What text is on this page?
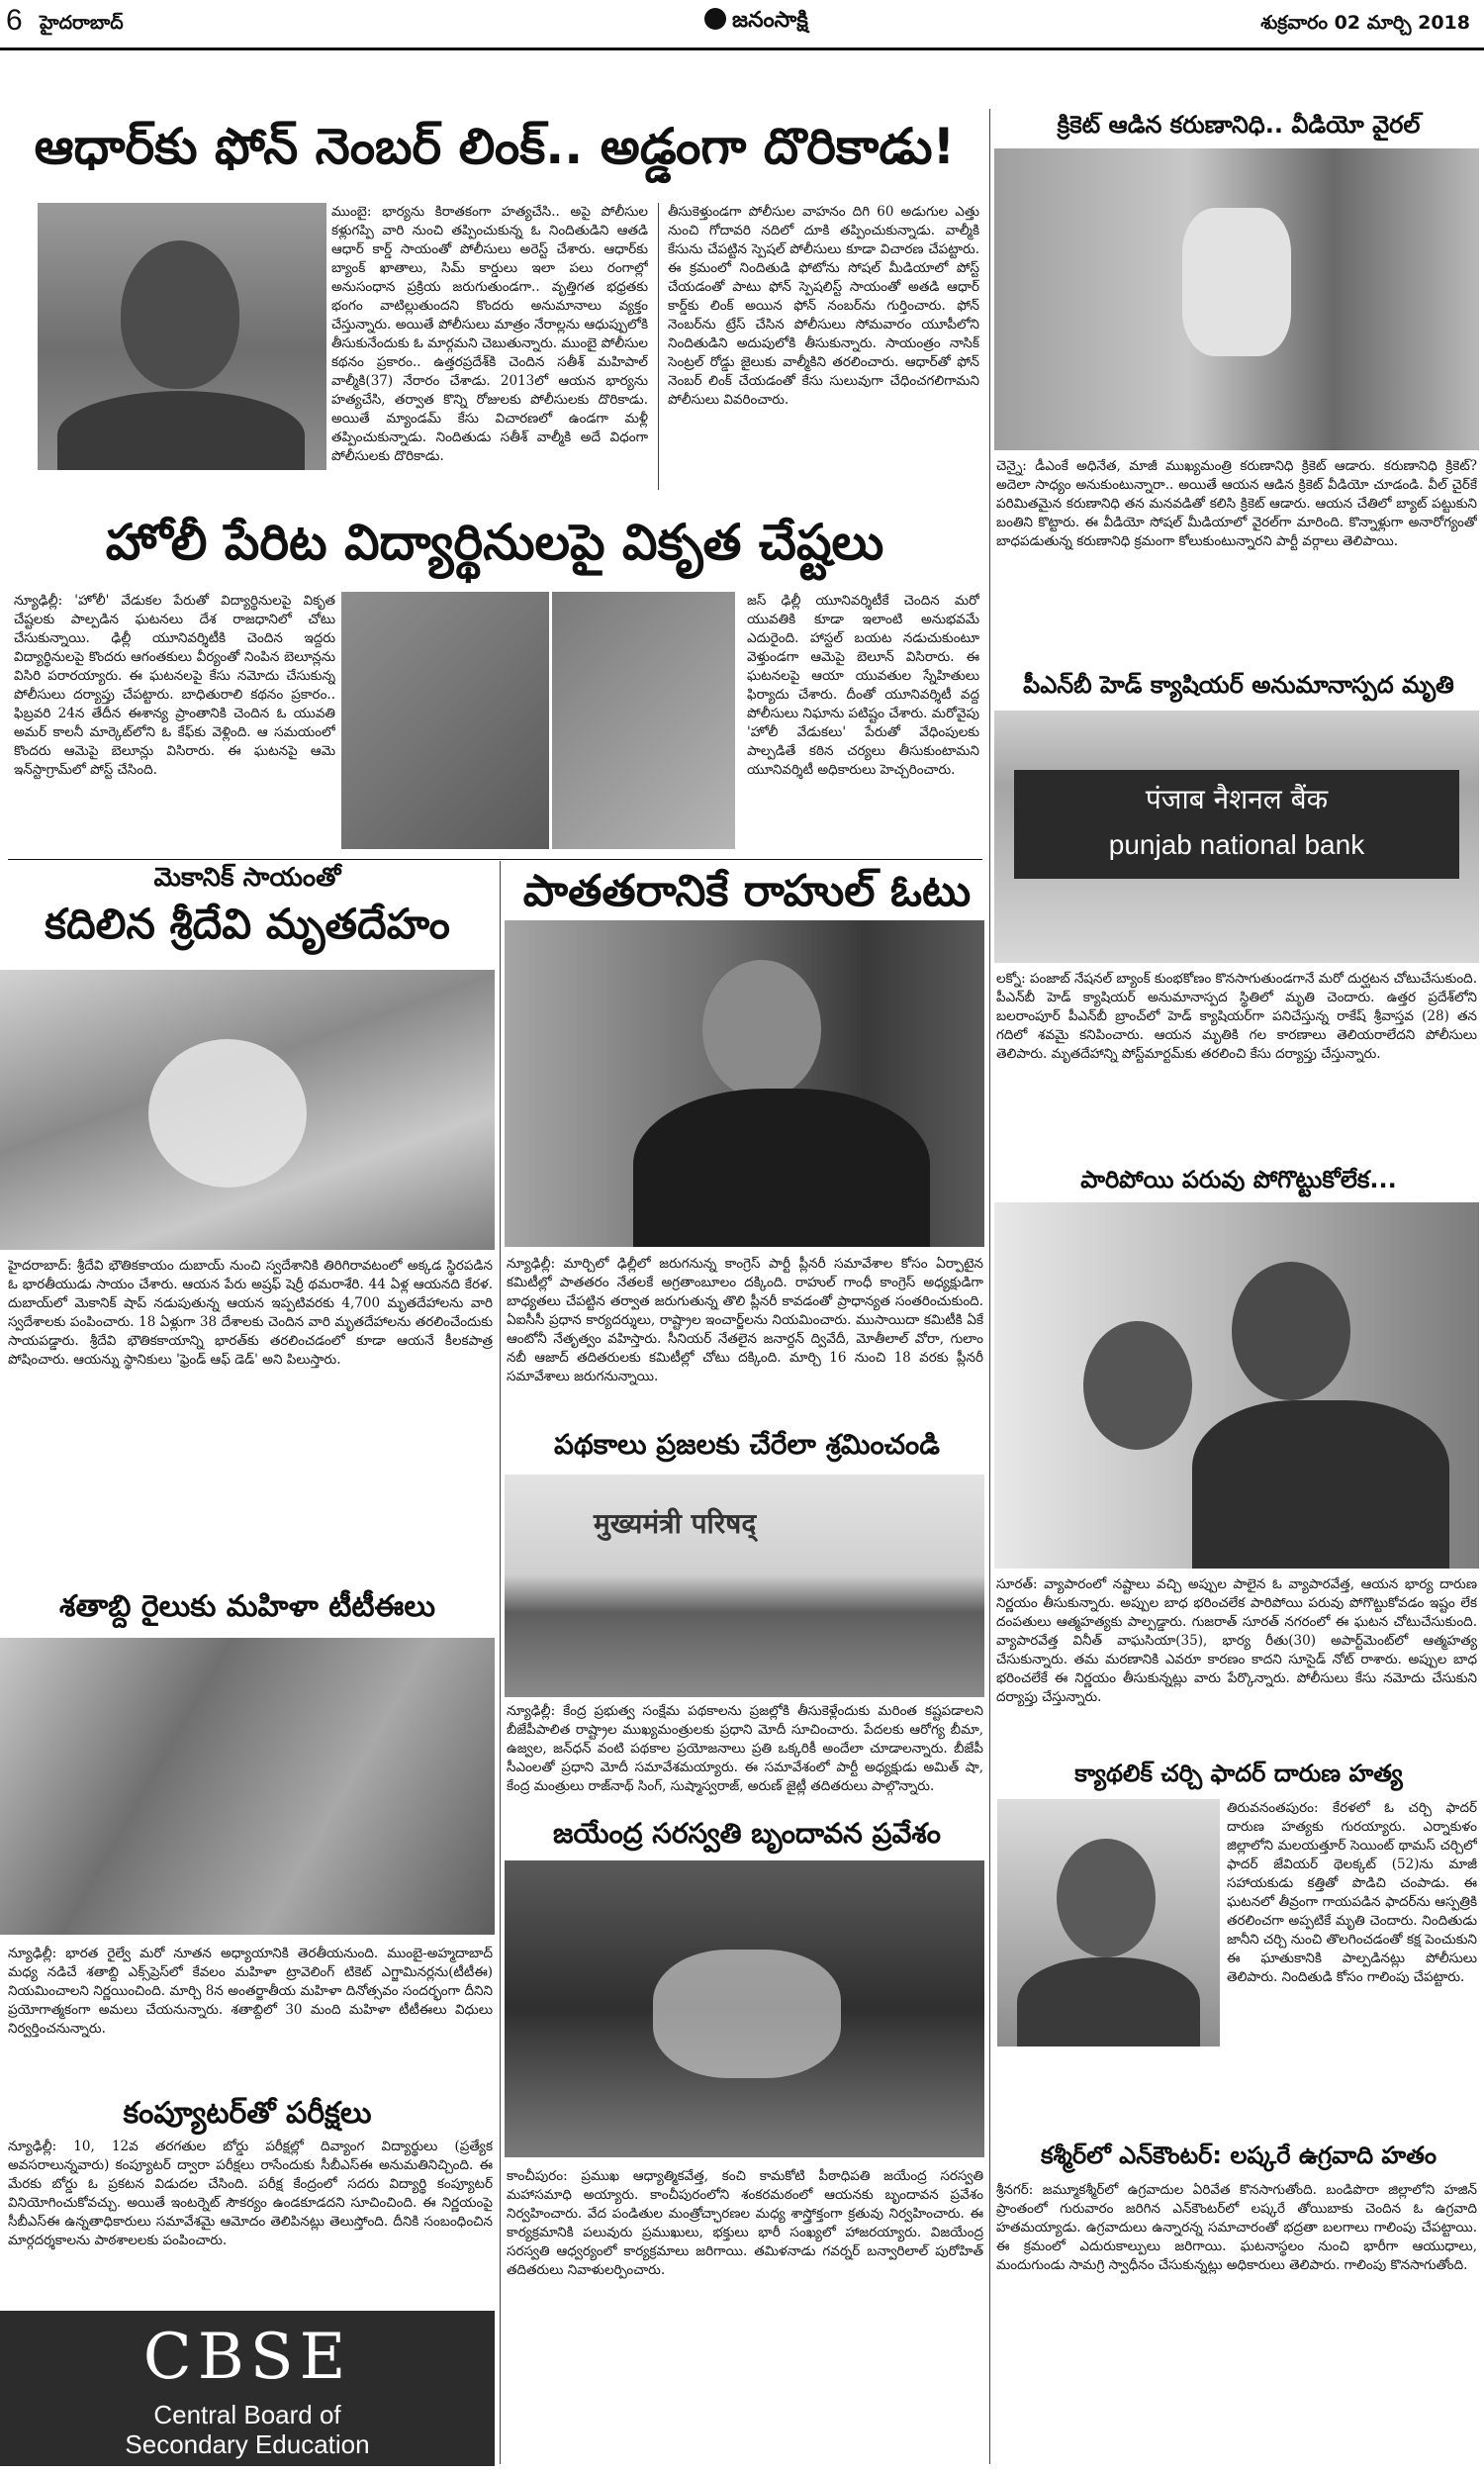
6 హైదరాబాద్	జనంసాక్షి	శుక్రవారం 02 మార్చి 2018
ఆధార్‌కు ఫోన్ నెంబర్ లింక్.. అడ్డంగా దొరికాడు!
ముంబై: భార్యను కిరాతకంగా హత్యచేసి.. అపై పోలీసుల కళ్లుగప్పి వారి నుంచి తప్పించుకున్న ఓ నిందితుడిని ఆతడి ఆధార్ కార్డ్ సాయంతో పోలీసులు అరెస్ట్ చేశారు. ఆధార్‌కు బ్యాంక్ ఖాతాలు, సిమ్ కార్డులు ఇలా పలు రంగాల్లో అనుసంధాన ప్రక్రియ జరుగుతుండగా.. వృత్తిగత భధ్రతకు భంగం వాటిల్లుతుందని కొందరు అనుమానాలు వ్యక్తం చేస్తున్నారు. అయితే పోలీసులు మాత్రం నేరాల్లను ఆధుప్పులోకి తీసుకునేందుకు ఓ మార్గమని చెబుతున్నారు. ముంబై పోలీసుల కథనం ప్రకారం.. ఉత్తరప్రదేశ్‌కి చెందిన సతీశ్ మహిపాల్ వాల్మీకి(37) నేరారం చేశాడు. 2013లో ఆయన భార్యను హత్యచేసి, తర్వాత కొన్ని రోజులకు పోలీసులకు దొరికాడు. అయితే మ్యాండమ్ కేసు విచారణలో ఉండగా మళ్లీ తప్పించుకున్నాడు. నిందితుడు సతీశ్ వాల్మీకి అదే విధంగా పోలీసులకు దొరికాడు.
తీసుకెళ్తుండగా పోలీసుల వాహనం దిగి 60 అడుగుల ఎత్తు నుంచి గోదావరి నదిలో దూకి తప్పించుకున్నాడు. వాల్మీకి కేసును చేపట్టిన స్పెషల్ పోలీసులు కూడా విచారణ చేపట్టారు. ఈ క్రమంలో నిందితుడి ఫోటోను సోషల్ మీడియాలో పోస్ట్ చేయడంతో పాటు ఫోన్ స్పెషలిస్ట్ సాయంతో అతడి ఆధార్ కార్డ్‌కు లింక్ అయిన ఫోన్ నంబర్‌ను గుర్తించారు. ఫోన్ నెంబర్‌ను ట్రేస్ చేసిన పోలీసులు సోమవారం యూపీలోని నిందితుడిని అదుపులోకి తీసుకున్నారు. సాయంత్రం నాసిక్ సెంట్రల్ రోడ్డు జైలుకు వాల్మీకిని తరలించారు. ఆధార్‌తో ఫోన్ నెంబర్ లింక్ చేయడంతో కేసు సులువుగా చేధించగలిగామని పోలీసులు వివరించారు.
హోలీ పేరిట విద్యార్థినులపై వికృత చేష్టలు
న్యూఢిల్లీ: 'హోలీ' వేడుకల పేరుతో విద్యార్థినులపై వికృత చేష్టలకు పాల్పడిన ఘటనలు దేశ రాజధానిలో చోటు చేసుకున్నాయి. ఢిల్లీ యూనివర్శిటీకి చెందిన ఇద్దరు విద్యార్థినులపై కొందరు ఆగంతకులు వీర్యంతో నింపిన బెలూన్లను విసిరి పరారయ్యారు. ఈ ఘటనలపై కేసు నమోదు చేసుకున్న పోలీసులు దర్యాప్తు చేపట్టారు. బాధితురాలి కథనం ప్రకారం.. ఫిబ్రవరి 24న తేదీన ఈశాన్య ప్రాంతానికి చెందిన ఓ యువతి అమర్ కాలనీ మార్కెట్‌లోని ఓ కేఫ్‌కు వెళ్లింది. ఆ సమయంలో కొందరు ఆమెపై బెలూన్లు విసిరారు. ఈ ఘటనపై ఆమె ఇన్‌స్టాగ్రామ్‌లో పోస్ట్ చేసింది.
జస్ ఢిల్లీ యూనివర్శిటీకే చెందిన మరో యువతికి కూడా ఇలాంటి అనుభవమే ఎదురైంది. హాస్టల్ బయట నడుచుకుంటూ వెళ్తుండగా ఆమెపై బెలూన్ విసిరారు. ఈ ఘటనలపై ఆయా యువతుల స్నేహితులు ఫిర్యాదు చేశారు. దీంతో యూనివర్శిటీ వద్ద పోలీసులు నిఘాను పటిష్టం చేశారు. మరోవైపు 'హోలీ వేడుకలు' పేరుతో వేధింపులకు పాల్పడితే కఠిన చర్యలు తీసుకుంటామని యూనివర్శిటీ అధికారులు హెచ్చరించారు.
మెకానిక్ సాయంతో
కదిలిన శ్రీదేవి మృతదేహం
హైదరాబాద్: శ్రీదేవి భౌతికకాయం దుబాయ్ నుంచి స్వదేశానికి తిరిగిరావటంలో అక్కడ స్థిరపడిన ఓ భారతీయుడు సాయం చేశారు. ఆయన పేరు అష్రఫ్ షెర్రీ థమరాశేరి. 44 ఏళ్ల ఆయనది కేరళ. దుబాయ్‌లో మెకానిక్ షాప్ నడుపుతున్న ఆయన ఇప్పటివరకు 4,700 మృతదేహాలను వారి స్వదేశాలకు పంపించారు. 18 ఏళ్లుగా 38 దేశాలకు చెందిన వారి మృతదేహాలను తరలించేందుకు సాయపడ్డారు. శ్రీదేవి భౌతికకాయాన్ని భారత్‌కు తరలించడంలో కూడా ఆయనే కీలకపాత్ర పోషించారు. ఆయన్ను స్థానికులు 'ఫ్రెండ్ ఆఫ్ డెడ్' అని పిలుస్తారు.
శతాబ్ది రైలుకు మహిళా టీటీఈలు
న్యూఢిల్లీ: భారత రైల్వే మరో నూతన అధ్యాయానికి తెరతీయనుంది. ముంబై-అహ్మదాబాద్ మధ్య నడిచే శతాబ్ది ఎక్స్‌ప్రెస్‌లో కేవలం మహిళా ట్రావెలింగ్ టికెట్ ఎగ్జామినర్లను(టీటీఈ) నియమించాలని నిర్ణయించింది. మార్చి 8న అంతర్జాతీయ మహిళా దినోత్సవం సందర్భంగా దీనిని ప్రయోగాత్మకంగా అమలు చేయనున్నారు. శతాబ్దిలో 30 మంది మహిళా టీటీఈలు విధులు నిర్వర్తించనున్నారు.
కంప్యూటర్‌తో పరీక్షలు
న్యూఢిల్లీ: 10, 12వ తరగతుల బోర్డు పరీక్షల్లో దివ్యాంగ విద్యార్థులు (ప్రత్యేక అవసరాలున్నవారు) కంప్యూటర్ ద్వారా పరీక్షలు రాసేందుకు సీబీఎస్‌ఈ అనుమతినిచ్చింది. ఈ మేరకు బోర్డు ఓ ప్రకటన విడుదల చేసింది. పరీక్ష కేంద్రంలో సదరు విద్యార్థి కంప్యూటర్ వినియోగించుకోవచ్చు. అయితే ఇంటర్నెట్ సౌకర్యం ఉండకూడదని సూచించింది. ఈ నిర్ణయంపై సీబీఎస్‌ఈ ఉన్నతాధికారులు సమావేశమై ఆమోదం తెలిపినట్లు తెలుస్తోంది. దీనికి సంబంధించిన మార్గదర్శకాలను పాఠశాలలకు పంపించారు.
CBSE
Central Board of
Secondary Education
పాతతరానికే రాహుల్ ఓటు
న్యూఢిల్లీ: మార్చిలో ఢిల్లీలో జరుగనున్న కాంగ్రెస్ పార్టీ ప్లీనరీ సమావేశాల కోసం ఏర్పాటైన కమిటీల్లో పాతతరం నేతలకే అగ్రతాంబూలం దక్కింది. రాహుల్ గాంధీ కాంగ్రెస్ అధ్యక్షుడిగా బాధ్యతలు చేపట్టిన తర్వాత జరుగుతున్న తొలి ప్లీనరీ కావడంతో ప్రాధాన్యత సంతరించుకుంది. ఏఐసీసీ ప్రధాన కార్యదర్శులు, రాష్ట్రాల ఇంచార్జ్‌లను నియమించారు. ముసాయిదా కమిటీకి ఏకే ఆంటోనీ నేతృత్వం వహిస్తారు. సీనియర్ నేతలైన జనార్దన్ ద్వివేదీ, మోతీలాల్ వోరా, గులాం నబీ ఆజాద్ తదితరులకు కమిటీల్లో చోటు దక్కింది. మార్చి 16 నుంచి 18 వరకు ప్లీనరీ సమావేశాలు జరుగనున్నాయి.
పథకాలు ప్రజలకు చేరేలా శ్రమించండి
मुख्यमंत्री परिषद्
న్యూఢిల్లీ: కేంద్ర ప్రభుత్వ సంక్షేమ పథకాలను ప్రజల్లోకి తీసుకెళ్లేందుకు మరింత కష్టపడాలని బీజేపీపాలిత రాష్ట్రాల ముఖ్యమంత్రులకు ప్రధాని మోదీ సూచించారు. పేదలకు ఆరోగ్య బీమా, ఉజ్వల, జన్‌ధన్ వంటి పథకాల ప్రయోజనాలు ప్రతి ఒక్కరికీ అందేలా చూడాలన్నారు. బీజేపీ సీఎంలతో ప్రధాని మోదీ సమావేశమయ్యారు. ఈ సమావేశంలో పార్టీ అధ్యక్షుడు అమిత్ షా, కేంద్ర మంత్రులు రాజ్‌నాథ్ సింగ్, సుష్మాస్వరాజ్, అరుణ్ జైట్లీ తదితరులు పాల్గొన్నారు.
జయేంద్ర సరస్వతి బృందావన ప్రవేశం
కాంచీపురం: ప్రముఖ ఆధ్యాత్మికవేత్త, కంచి కామకోటి పీఠాధిపతి జయేంద్ర సరస్వతి మహాసమాధి అయ్యారు. కాంచీపురంలోని శంకరమఠంలో ఆయనకు బృందావన ప్రవేశం నిర్వహించారు. వేద పండితుల మంత్రోచ్ఛారణల మధ్య శాస్త్రోక్తంగా క్రతువు నిర్వహించారు. ఈ కార్యక్రమానికి పలువురు ప్రముఖులు, భక్తులు భారీ సంఖ్యలో హాజరయ్యారు. విజయేంద్ర సరస్వతి ఆధ్వర్యంలో కార్యక్రమాలు జరిగాయి. తమిళనాడు గవర్నర్ బన్వారిలాల్ పురోహిత్ తదితరులు నివాళులర్పించారు.
క్రికెట్ ఆడిన కరుణానిధి.. వీడియో వైరల్
చెన్నై: డీఎంకే అధినేత, మాజీ ముఖ్యమంత్రి కరుణానిధి క్రికెట్ ఆడారు. కరుణానిధి క్రికెట్? అదెలా సాధ్యం అనుకుంటున్నారా.. అయితే ఆయన ఆడిన క్రికెట్ వీడియో చూడండి. వీల్ చైర్‌కే పరిమితమైన కరుణానిధి తన మనవడితో కలిసి క్రికెట్ ఆడారు. ఆయన చేతిలో బ్యాట్ పట్టుకుని బంతిని కొట్టారు. ఈ వీడియో సోషల్ మీడియాలో వైరల్‌గా మారింది. కొన్నాళ్లుగా అనారోగ్యంతో బాధపడుతున్న కరుణానిధి క్రమంగా కోలుకుంటున్నారని పార్టీ వర్గాలు తెలిపాయి.
పీఎన్‌బీ హెడ్ క్యాషియర్ అనుమానాస్పద మృతి
पंजाब नैशनल बैंक
punjab national bank
లక్నో: పంజాబ్ నేషనల్ బ్యాంక్ కుంభకోణం కొనసాగుతుండగానే మరో దుర్ఘటన చోటుచేసుకుంది. పీఎన్‌బీ హెడ్ క్యాషియర్ అనుమానాస్పద స్థితిలో మృతి చెందారు. ఉత్తర ప్రదేశ్‌లోని బలరాంపూర్ పీఎన్‌బీ బ్రాంచ్‌లో హెడ్ క్యాషియర్‌గా పనిచేస్తున్న రాకేష్ శ్రీవాస్తవ (28) తన గదిలో శవమై కనిపించారు. ఆయన మృతికి గల కారణాలు తెలియరాలేదని పోలీసులు తెలిపారు. మృతదేహాన్ని పోస్ట్‌మార్టమ్‌కు తరలించి కేసు దర్యాప్తు చేస్తున్నారు.
పారిపోయి పరువు పోగొట్టుకోలేక...
సూరత్: వ్యాపారంలో నష్టాలు వచ్చి అప్పుల పాలైన ఓ వ్యాపారవేత్త, ఆయన భార్య దారుణ నిర్ణయం తీసుకున్నారు. అప్పుల బాధ భరించలేక పారిపోయి పరువు పోగొట్టుకోవడం ఇష్టం లేక దంపతులు ఆత్మహత్యకు పాల్పడ్డారు. గుజరాత్ సూరత్ నగరంలో ఈ ఘటన చోటుచేసుకుంది. వ్యాపారవేత్త వినీత్ వాఘసియా(35), భార్య రీతు(30) అపార్ట్‌మెంట్‌లో ఆత్మహత్య చేసుకున్నారు. తమ మరణానికి ఎవరూ కారణం కాదని సూసైడ్ నోట్ రాశారు. అప్పుల బాధ భరించలేకే ఈ నిర్ణయం తీసుకున్నట్లు వారు పేర్కొన్నారు. పోలీసులు కేసు నమోదు చేసుకుని దర్యాప్తు చేస్తున్నారు.
క్యాథలిక్ చర్చి ఫాదర్ దారుణ హత్య
తిరువనంతపురం: కేరళలో ఓ చర్చి ఫాదర్ దారుణ హత్యకు గురయ్యారు. ఎర్నాకుళం జిల్లాలోని మలయత్తూర్ సెయింట్ థామస్ చర్చిలో ఫాదర్ జేవియర్ థెలక్కట్ (52)ను మాజీ సహాయకుడు కత్తితో పొడిచి చంపాడు. ఈ ఘటనలో తీవ్రంగా గాయపడిన ఫాదర్‌ను ఆస్పత్రికి తరలించగా అప్పటికే మృతి చెందారు. నిందితుడు జానీని చర్చి నుంచి తొలగించడంతో కక్ష పెంచుకుని ఈ ఘాతుకానికి పాల్పడినట్లు పోలీసులు తెలిపారు. నిందితుడి కోసం గాలింపు చేపట్టారు.
కశ్మీర్‌లో ఎన్‌కౌంటర్: లష్కరే ఉగ్రవాది హతం
శ్రీనగర్: జమ్మూకశ్మీర్‌లో ఉగ్రవాదుల ఏరివేత కొనసాగుతోంది. బండిపొరా జిల్లాలోని హజిన్ ప్రాంతంలో గురువారం జరిగిన ఎన్‌కౌంటర్‌లో లష్కరే తోయిబాకు చెందిన ఓ ఉగ్రవాది హతమయ్యాడు. ఉగ్రవాదులు ఉన్నారన్న సమాచారంతో భద్రతా బలగాలు గాలింపు చేపట్టాయి. ఈ క్రమంలో ఎదురుకాల్పులు జరిగాయి. ఘటనాస్థలం నుంచి భారీగా ఆయుధాలు, మందుగుండు సామగ్రి స్వాధీనం చేసుకున్నట్లు అధికారులు తెలిపారు. గాలింపు కొనసాగుతోంది.
